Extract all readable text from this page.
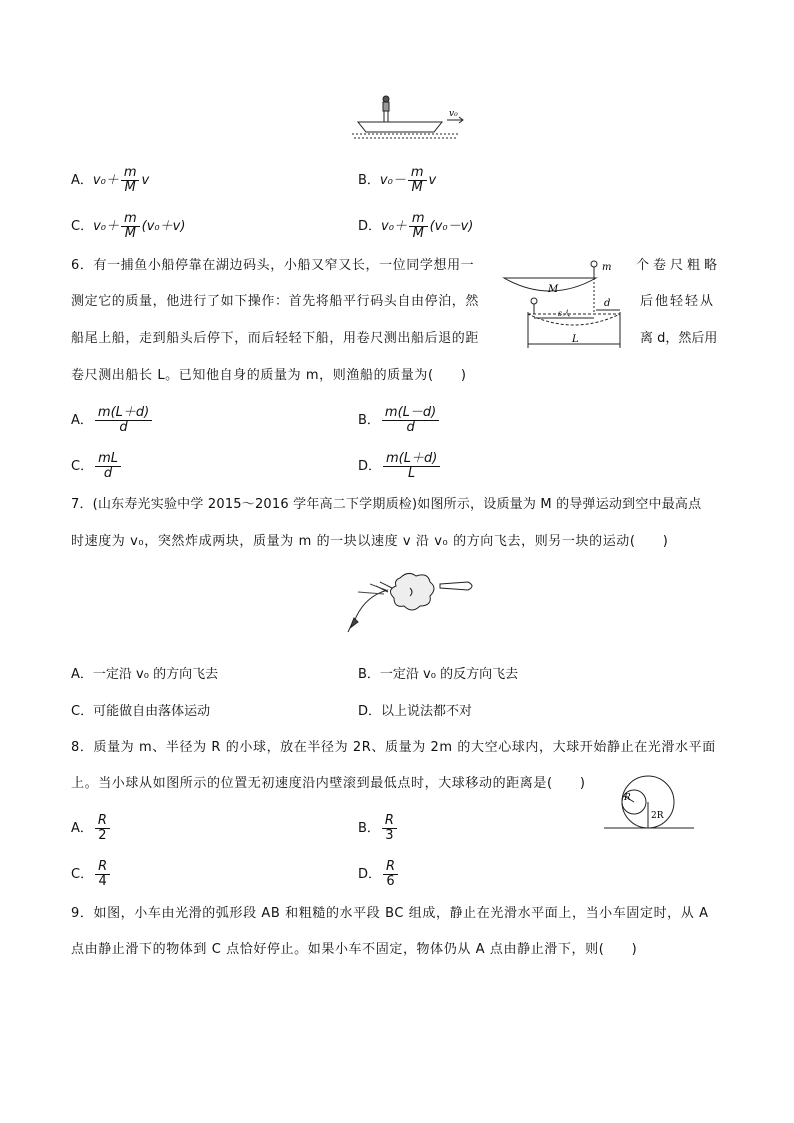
v₀
A．$v_0+ \frac{m}{M}$ v	B．$v_0- \frac{m}{M}$ v
C．$v_0+ \frac{m}{M} (v_0+v)$	D．$v_0+ \frac{m}{M} (v_0-v)$
6．有一捕鱼小船停靠在湖边码头，小船又窄又长，一位同学想用一
测定它的质量，他进行了如下操作：首先将船平行码头自由停泊，然
船尾上船，走到船头后停下，而后轻轻下船，用卷尺测出船后退的距
卷尺测出船长 L。已知他自身的质量为 m，则渔船的质量为(　　)
个卷尺粗略
后他轻轻从
离 d，然后用
m
M
d
s人
L
A． $\frac{m(L+d)}{d}$	B． $\frac{m(L-d)}{d}$
C． $\frac{mL}{d}$	D． $\frac{m(L+d)}{L}$
7．(山东寿光实验中学 2015～2016 学年高二下学期质检)如图所示，设质量为 M 的导弹运动到空中最高点
时速度为 v₀，突然炸成两块，质量为 m 的一块以速度 v 沿 v₀ 的方向飞去，则另一块的运动(　　)
A．一定沿 v₀ 的方向飞去	B．一定沿 v₀ 的反方向飞去
C．可能做自由落体运动	D．以上说法都不对
8．质量为 m、半径为 R 的小球，放在半径为 2R、质量为 2m 的大空心球内，大球开始静止在光滑水平面
上。当小球从如图所示的位置无初速度沿内壁滚到最低点时，大球移动的距离是(　　)
R
2R
A． $\frac{R}{2}$	B． $\frac{R}{3}$
C． $\frac{R}{4}$	D． $\frac{R}{6}$
9．如图，小车由光滑的弧形段 AB 和粗糙的水平段 BC 组成，静止在光滑水平面上，当小车固定时，从 A
点由静止滑下的物体到 C 点恰好停止。如果小车不固定，物体仍从 A 点由静止滑下，则(　　)
